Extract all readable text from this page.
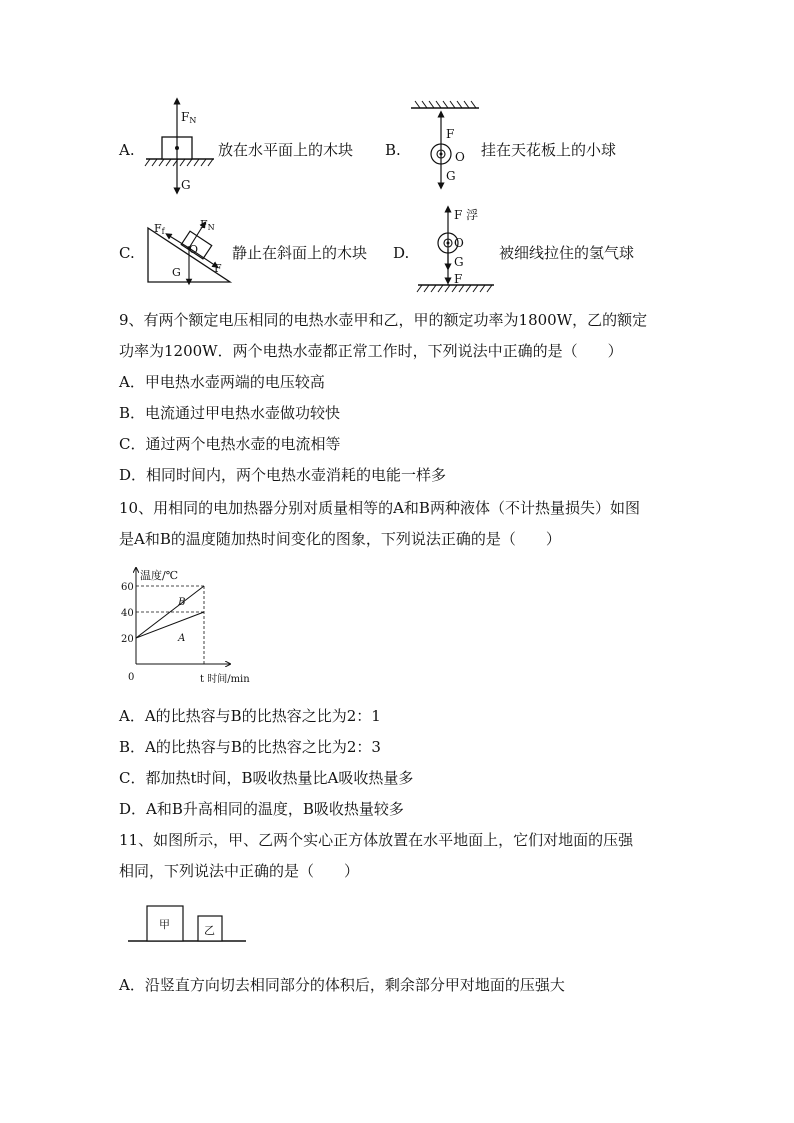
A.
FN
G
放在水平面上的木块 B.
F
O
G
挂在天花板上的小球
C.
Ff
FN
O
G	F
静止在斜面上的木块 D.
F 浮
O
G
F
被细线拉住的氢气球
9、有两个额定电压相同的电热水壶甲和乙，甲的额定功率为1800W，乙的额定
功率为1200W．两个电热水壶都正常工作时，下列说法中正确的是（　　）
A．甲电热水壶两端的电压较高
B．电流通过甲电热水壶做功较快
C．通过两个电热水壶的电流相等
D．相同时间内，两个电热水壶消耗的电能一样多
10、用相同的电加热器分别对质量相等的A和B两种液体（不计热量损失）如图
是A和B的温度随加热时间变化的图象，下列说法正确的是（　　）
温度/℃
t 时间/min
0
20
40
60
B
A
A．A的比热容与B的比热容之比为2：1
B．A的比热容与B的比热容之比为2：3
C．都加热t时间，B吸收热量比A吸收热量多
D．A和B升高相同的温度，B吸收热量较多
11、如图所示，甲、乙两个实心正方体放置在水平地面上，它们对地面的压强
相同，下列说法中正确的是（　　）
甲	乙
A．沿竖直方向切去相同部分的体积后，剩余部分甲对地面的压强大
